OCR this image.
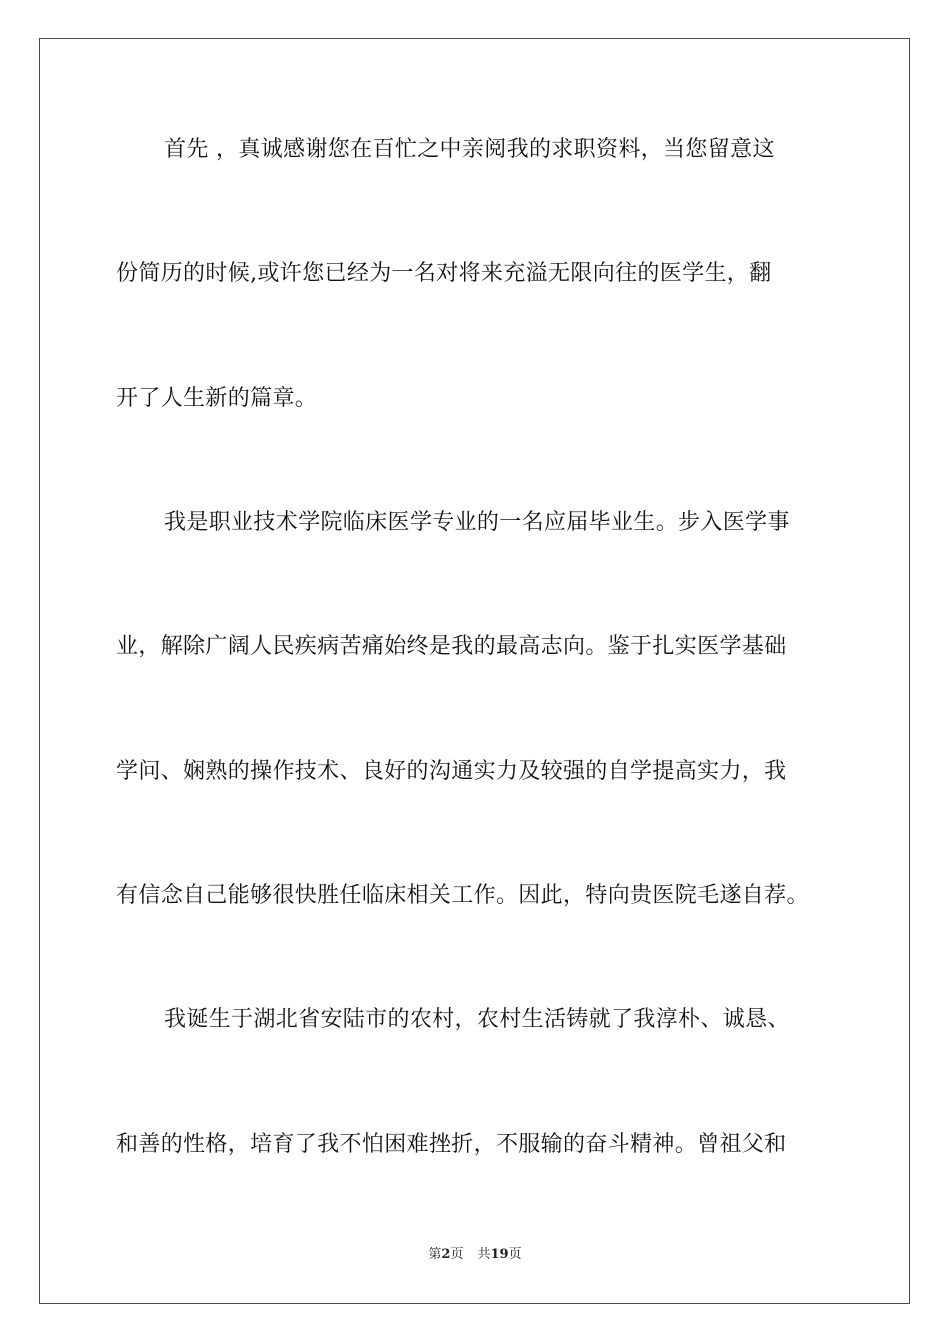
首先 ，真诚感谢您在百忙之中亲阅我的求职资料，当您留意这
份简历的时候,或许您已经为一名对将来充溢无限向往的医学生，翻
开了人生新的篇章。
我是职业技术学院临床医学专业的一名应届毕业生。步入医学事
业，解除广阔人民疾病苦痛始终是我的最高志向。鉴于扎实医学基础
学问、娴熟的操作技术、良好的沟通实力及较强的自学提高实力，我
有信念自己能够很快胜任临床相关工作。因此，特向贵医院毛遂自荐。
我诞生于湖北省安陆市的农村，农村生活铸就了我淳朴、诚恳、
和善的性格，培育了我不怕困难挫折，不服输的奋斗精神。曾祖父和
第2页 共19页
